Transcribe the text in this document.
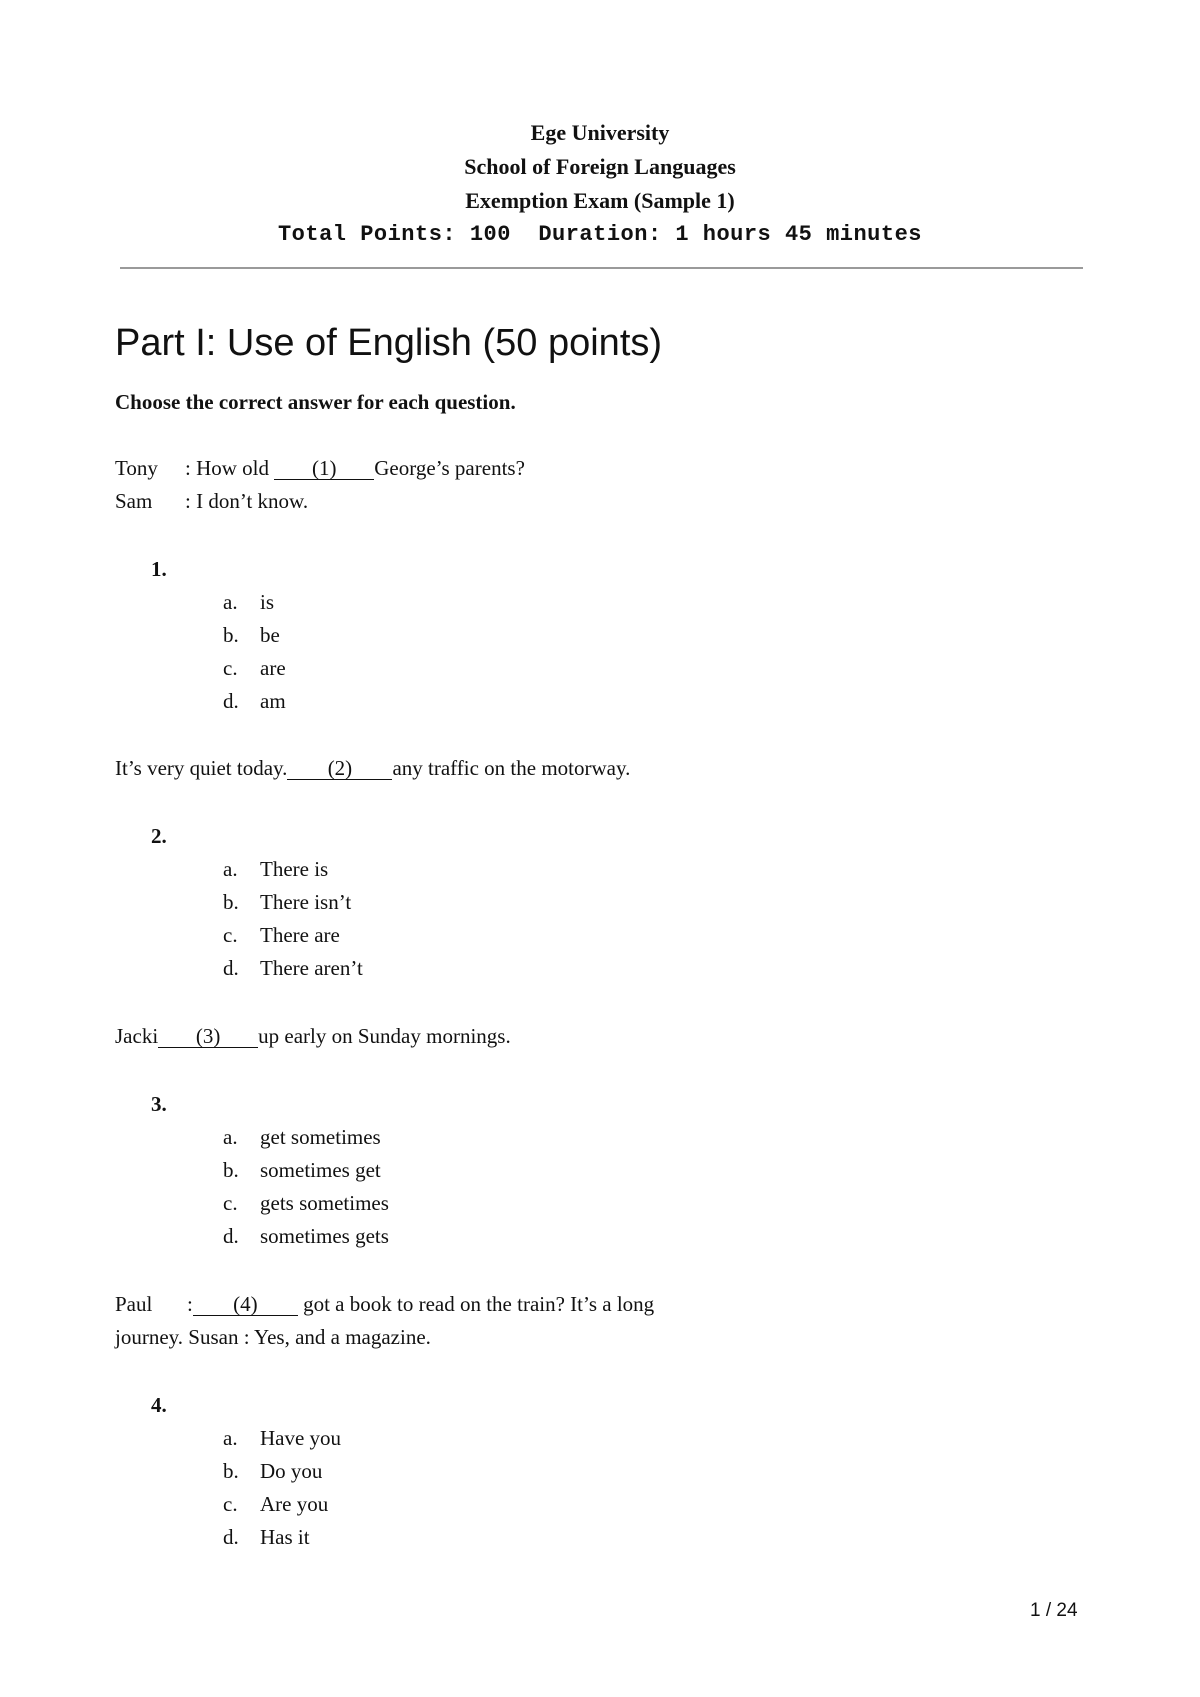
Ege University
School of Foreign Languages
Exemption Exam (Sample 1)
Total Points: 100  Duration: 1 hours 45 minutes
Part I: Use of English (50 points)
Choose the correct answer for each question.
Tony : How old (1) George’s parents?
Sam : I don’t know.
1.
a. is
b. be
c. are
d. am
It’s very quiet today. (2) any traffic on the motorway.
2.
a. There is
b. There isn’t
c. There are
d. There aren’t
Jacki (3) up early on Sunday mornings.
3.
a. get sometimes
b. sometimes get
c. gets sometimes
d. sometimes gets
Paul : (4) got a book to read on the train? It’s a long
journey. Susan : Yes, and a magazine.
4.
a. Have you
b. Do you
c. Are you
d. Has it
1 / 24
